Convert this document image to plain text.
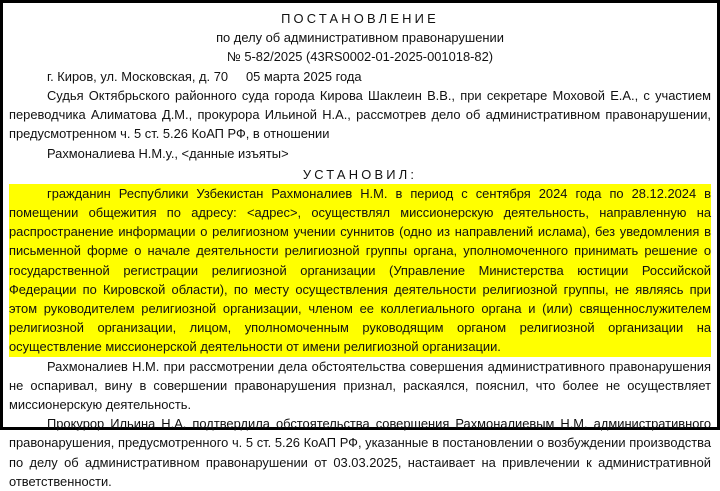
ПОСТАНОВЛЕНИЕ
по делу об административном правонарушении
№ 5-82/2025 (43RS0002-01-2025-001018-82)
г. Киров, ул. Московская, д. 70     05 марта 2025 года

Судья Октябрьского районного суда города Кирова Шаклеин В.В., при секретаре Моховой Е.А., с участием переводчика Алиматова Д.М., прокурора Ильиной Н.А., рассмотрев дело об административном правонарушении, предусмотренном ч. 5 ст. 5.26 КоАП РФ, в отношении

Рахмоналиева Н.М.у., <данные изъяты>

УСТАНОВИЛ:

гражданин Республики Узбекистан Рахмоналиев Н.М. в период с сентября 2024 года по 28.12.2024 в помещении общежития по адресу: <адрес>, осуществлял миссионерскую деятельность, направленную на распространение информации о религиозном учении суннитов (одно из направлений ислама), без уведомления в письменной форме о начале деятельности религиозной группы органа, уполномоченного принимать решение о государственной регистрации религиозной организации (Управление Министерства юстиции Российской Федерации по Кировской области), по месту осуществления деятельности религиозной группы, не являясь при этом руководителем религиозной организации, членом ее коллегиального органа и (или) священнослужителем религиозной организации, лицом, уполномоченным руководящим органом религиозной организации на осуществление миссионерской деятельности от имени религиозной организации.

Рахмоналиев Н.М. при рассмотрении дела обстоятельства совершения административного правонарушения не оспаривал, вину в совершении правонарушения признал, раскаялся, пояснил, что более не осуществляет миссионерскую деятельность.

Прокурор Ильина Н.А. подтвердила обстоятельства совершения Рахмоналиевым Н.М. административного правонарушения, предусмотренного ч. 5 ст. 5.26 КоАП РФ, указанные в постановлении о возбуждении производства по делу об административном правонарушении от 03.03.2025, настаивает на привлечении к административной ответственности.
